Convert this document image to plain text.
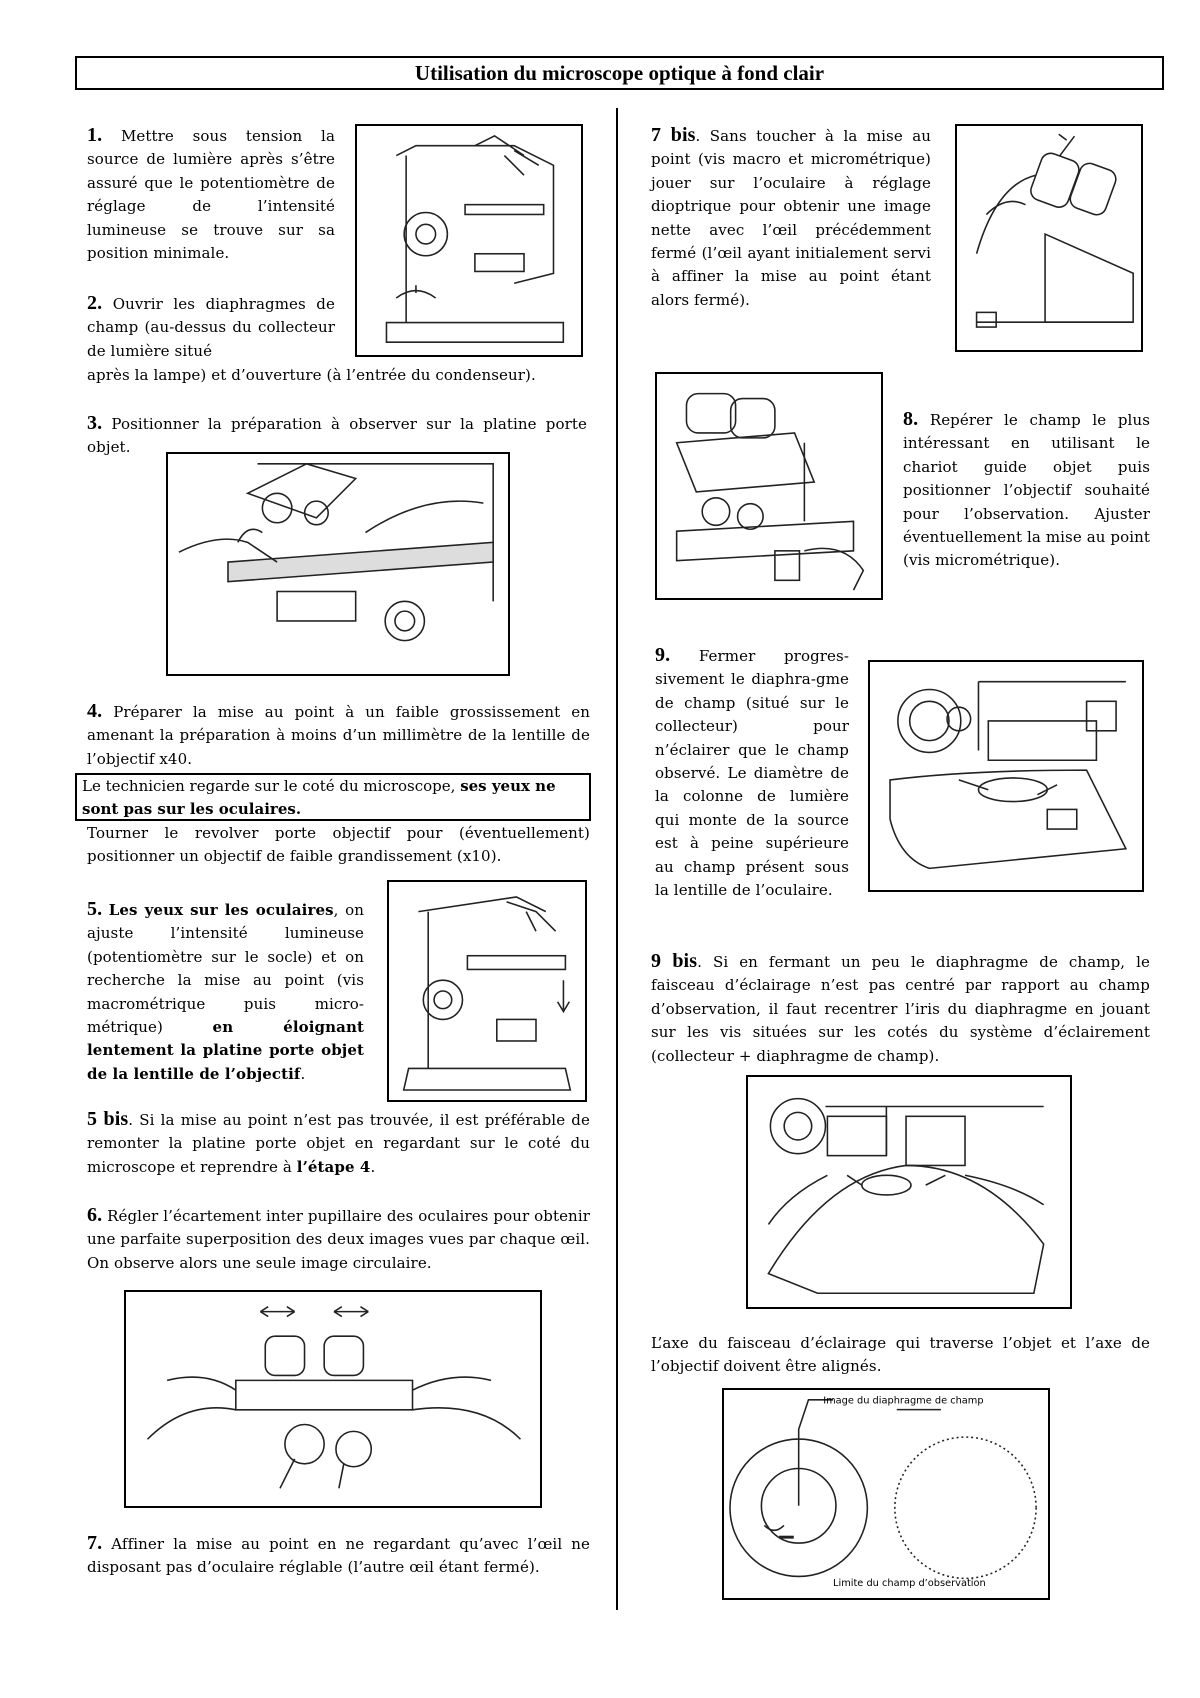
Utilisation du microscope optique à fond clair
1. Mettre sous tension la source de lumière après s’être assuré que le potentiomètre de réglage de l’intensité lumineuse se trouve sur sa position minimale.
2. Ouvrir les diaphragmes de champ (au-dessus du collecteur de lumière situé
après la lampe) et d’ouverture (à l’entrée du condenseur).
3. Positionner la préparation à observer sur la platine porte objet.
4. Préparer la mise au point à un faible grossissement en amenant la préparation à moins d’un millimètre de la lentille de l’objectif x40.
Le technicien regarde sur le coté du microscope, ses yeux ne sont pas sur les oculaires.
Tourner le revolver porte objectif pour (éventuellement) positionner un objectif de faible grandissement (x10).
5. Les yeux sur les oculaires, on ajuste l’intensité lumineuse (potentiomètre sur le socle) et on recherche la mise au point (vis macrométrique puis micro-métrique) en éloignant lentement la platine porte objet de la lentille de l’objectif.
5 bis. Si la mise au point n’est pas trouvée, il est préférable de remonter la platine porte objet en regardant sur le coté du microscope et reprendre à l’étape 4.
6. Régler l’écartement inter pupillaire des oculaires pour obtenir une parfaite superposition des deux images vues par chaque œil. On observe alors une seule image circulaire.
7. Affiner la mise au point en ne regardant qu’avec l’œil ne disposant pas d’oculaire réglable (l’autre œil étant fermé).
7 bis. Sans toucher à la mise au point (vis macro et micrométrique) jouer sur l’oculaire à réglage dioptrique pour obtenir une image nette avec l’œil précédemment fermé (l’œil ayant initialement servi à affiner la mise au point étant alors fermé).
8. Repérer le champ le plus intéressant en utilisant le chariot guide objet puis positionner l’objectif souhaité pour l’observation. Ajuster éventuellement la mise au point (vis micrométrique).
9. Fermer progres-sivement le diaphra-gme de champ (situé sur le collecteur) pour n’éclairer que le champ observé. Le diamètre de la colonne de lumière qui monte de la source est à peine supérieure au champ présent sous la lentille de l’oculaire.
9 bis. Si en fermant un peu le diaphragme de champ, le faisceau d’éclairage n’est pas centré par rapport au champ d’observation, il faut recentrer l’iris du diaphragme en jouant sur les vis situées sur les cotés du système d’éclairement (collecteur + diaphragme de champ).
L’axe du faisceau d’éclairage qui traverse l’objet et l’axe de l’objectif doivent être alignés.
Image du diaphragme de champ
Limite du champ d’observation
